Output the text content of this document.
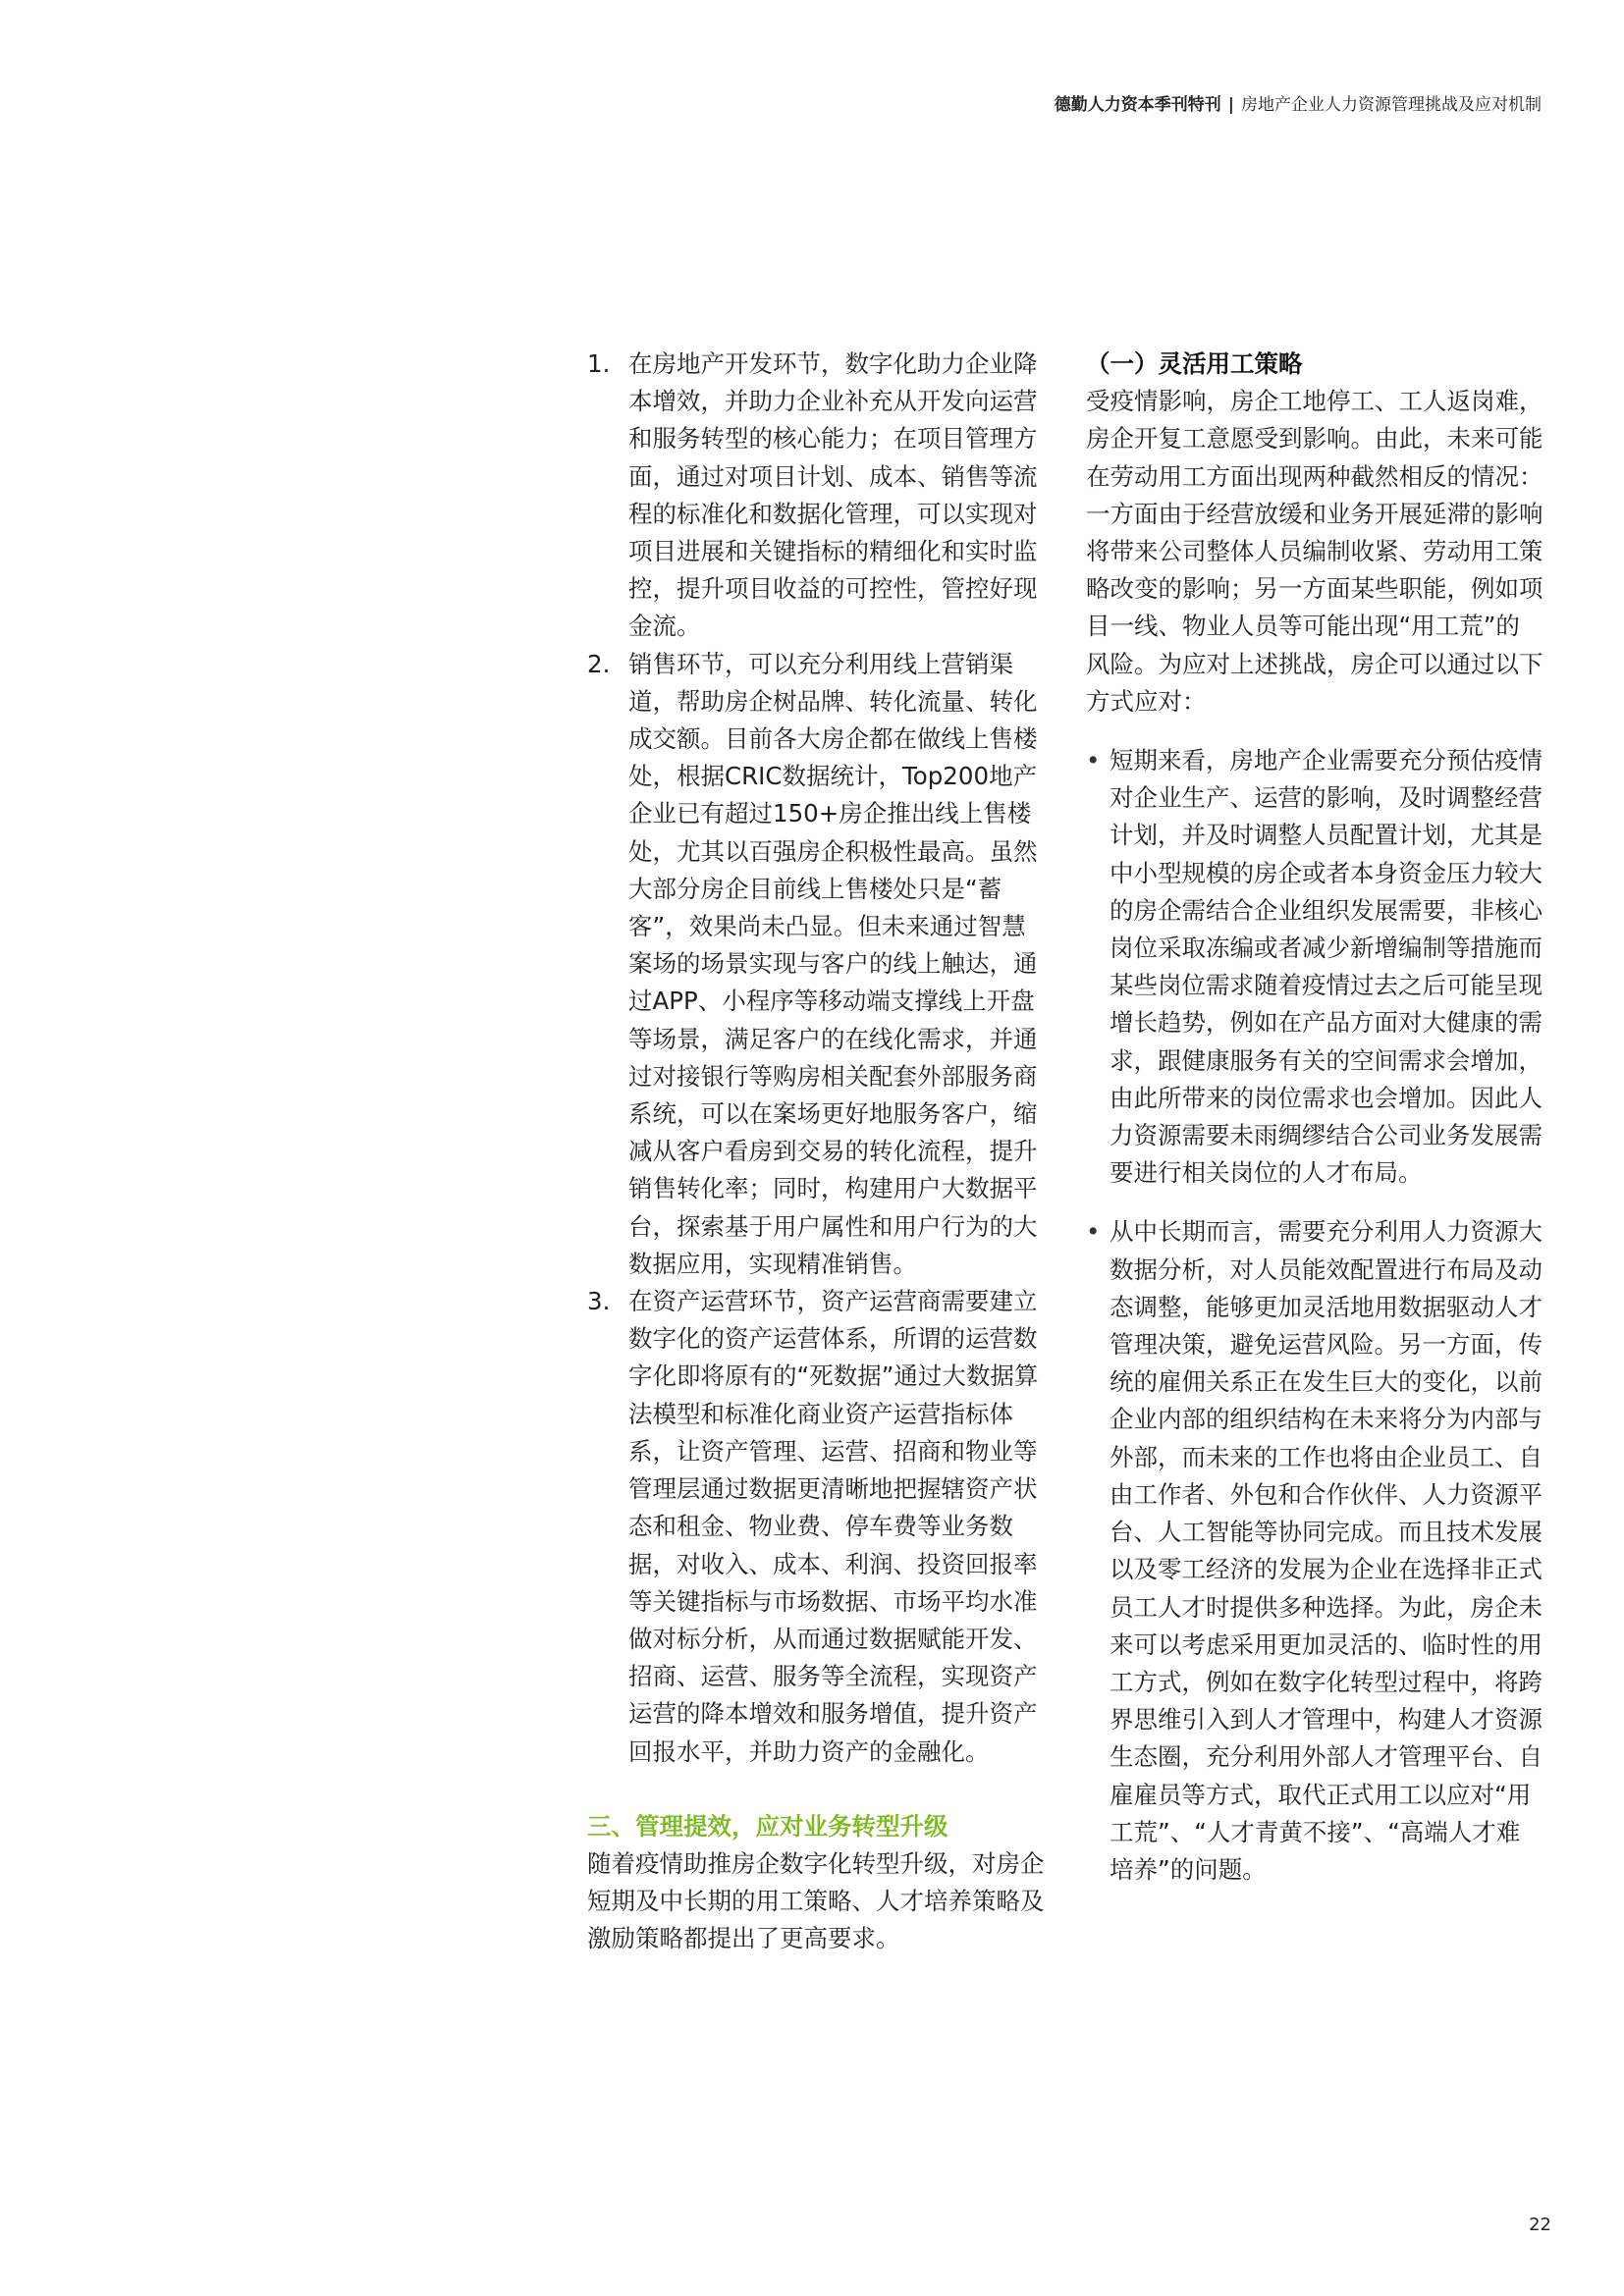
德勤人力资本季刊特刊 | 房地产企业人力资源管理挑战及应对机制
1. 在房地产开发环节，数字化助力企业降本增效，并助力企业补充从开发向运营和服务转型的核心能力；在项目管理方面，通过对项目计划、成本、销售等流程的标准化和数据化管理，可以实现对项目进展和关键指标的精细化和实时监控，提升项目收益的可控性，管控好现金流。
2. 销售环节，可以充分利用线上营销渠道，帮助房企树品牌、转化流量、转化成交额。目前各大房企都在做线上售楼处，根据CRIC数据统计，Top200地产企业已有超过150+房企推出线上售楼处，尤其以百强房企积极性最高。虽然大部分房企目前线上售楼处只是“蓄客”，效果尚未凸显。但未来通过智慧案场的场景实现与客户的线上触达，通过APP、小程序等移动端支撑线上开盘等场景，满足客户的在线化需求，并通过对接银行等购房相关配套外部服务商系统，可以在案场更好地服务客户，缩减从客户看房到交易的转化流程，提升销售转化率；同时，构建用户大数据平台，探索基于用户属性和用户行为的大数据应用，实现精准销售。
3. 在资产运营环节，资产运营商需要建立数字化的资产运营体系，所谓的运营数字化即将原有的“死数据”通过大数据算法模型和标准化商业资产运营指标体系，让资产管理、运营、招商和物业等管理层通过数据更清晰地把握辖资产状态和租金、物业费、停车费等业务数据，对收入、成本、利润、投资回报率等关键指标与市场数据、市场平均水准做对标分析，从而通过数据赋能开发、招商、运营、服务等全流程，实现资产运营的降本增效和服务增值，提升资产回报水平，并助力资产的金融化。
三、管理提效，应对业务转型升级
随着疫情助推房企数字化转型升级，对房企短期及中长期的用工策略、人才培养策略及激励策略都提出了更高要求。
（一）灵活用工策略
受疫情影响，房企工地停工、工人返岗难，房企开复工意愿受到影响。由此，未来可能在劳动用工方面出现两种截然相反的情况：一方面由于经营放缓和业务开展延滞的影响将带来公司整体人员编制收紧、劳动用工策略改变的影响；另一方面某些职能，例如项目一线、物业人员等可能出现“用工荒”的风险。为应对上述挑战，房企可以通过以下方式应对：
• 短期来看，房地产企业需要充分预估疫情对企业生产、运营的影响，及时调整经营计划，并及时调整人员配置计划，尤其是中小型规模的房企或者本身资金压力较大的房企需结合企业组织发展需要，非核心岗位采取冻编或者减少新增编制等措施而某些岗位需求随着疫情过去之后可能呈现增长趋势，例如在产品方面对大健康的需求，跟健康服务有关的空间需求会增加，由此所带来的岗位需求也会增加。因此人力资源需要未雨绸缪结合公司业务发展需要进行相关岗位的人才布局。
• 从中长期而言，需要充分利用人力资源大数据分析，对人员能效配置进行布局及动态调整，能够更加灵活地用数据驱动人才管理决策，避免运营风险。另一方面，传统的雇佣关系正在发生巨大的变化，以前企业内部的组织结构在未来将分为内部与外部，而未来的工作也将由企业员工、自由工作者、外包和合作伙伴、人力资源平台、人工智能等协同完成。而且技术发展以及零工经济的发展为企业在选择非正式员工人才时提供多种选择。为此，房企未来可以考虑采用更加灵活的、临时性的用工方式，例如在数字化转型过程中，将跨界思维引入到人才管理中，构建人才资源生态圈，充分利用外部人才管理平台、自雇雇员等方式，取代正式用工以应对“用工荒”、“人才青黄不接”、“高端人才难培养”的问题。
22
